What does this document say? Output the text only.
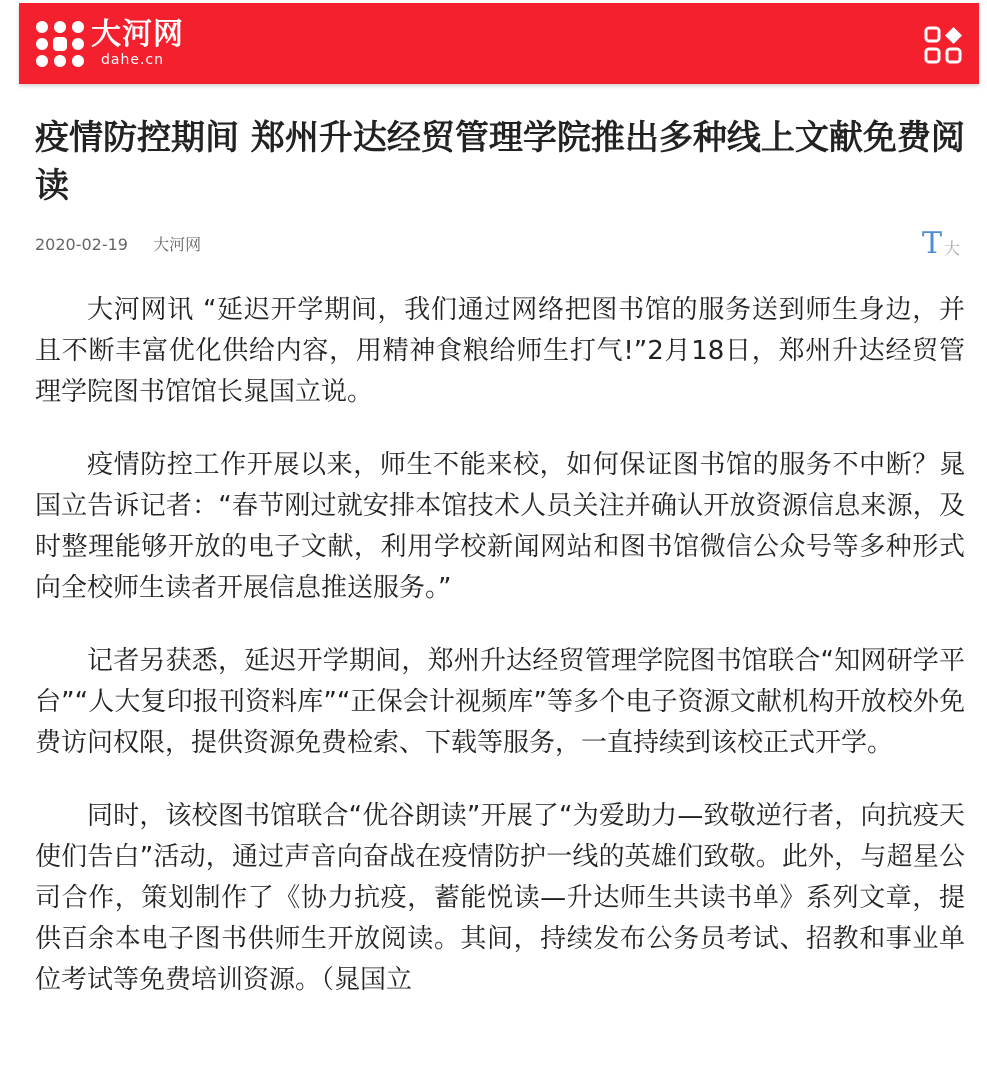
大河网
dahe.cn
疫情防控期间 郑州升达经贸管理学院推出多种线上文献免费阅读
2020-02-19 大河网	T 大

大河网讯 “延迟开学期间，我们通过网络把图书馆的服务送到师生身边，并且不断丰富优化供给内容，用精神食粮给师生打气!”2月18日，郑州升达经贸管理学院图书馆馆长晁国立说。

疫情防控工作开展以来，师生不能来校，如何保证图书馆的服务不中断？晁国立告诉记者：“春节刚过就安排本馆技术人员关注并确认开放资源信息来源，及时整理能够开放的电子文献，利用学校新闻网站和图书馆微信公众号等多种形式向全校师生读者开展信息推送服务。”

记者另获悉，延迟开学期间，郑州升达经贸管理学院图书馆联合“知网研学平台”“人大复印报刊资料库”“正保会计视频库”等多个电子资源文献机构开放校外免费访问权限，提供资源免费检索、下载等服务，一直持续到该校正式开学。

同时，该校图书馆联合“优谷朗读”开展了“为爱助力—致敬逆行者，向抗疫天使们告白”活动，通过声音向奋战在疫情防护一线的英雄们致敬。此外，与超星公司合作，策划制作了《协力抗疫，蓄能悦读—升达师生共读书单》系列文章，提供百余本电子图书供师生开放阅读。其间，持续发布公务员考试、招教和事业单位考试等免费培训资源。（晁国立
